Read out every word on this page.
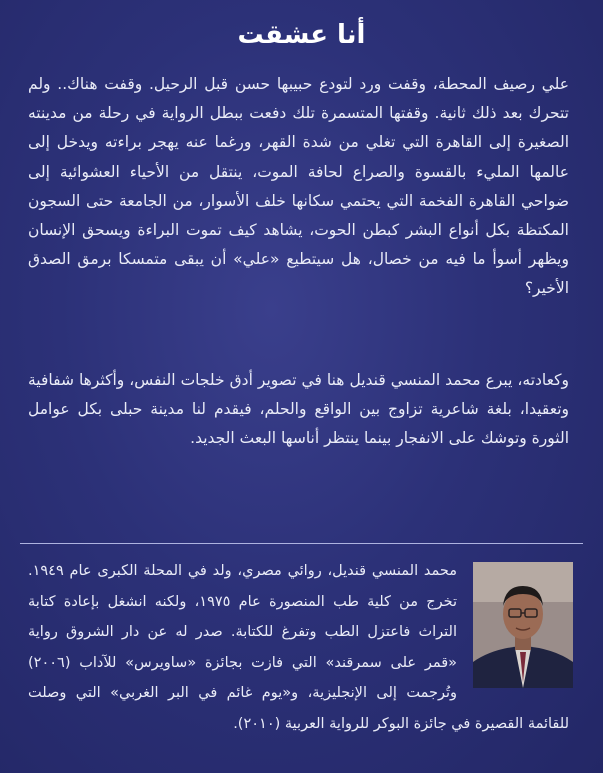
أنا عشقت

علي رصيف المحطة، وقفت ورد لتودع حبيبها حسن قبل الرحيل. وقفت هناك.. ولم تتحرك بعد ذلك ثانية. وقفتها المتسمرة تلك دفعت ببطل الرواية في رحلة من مدينته الصغيرة إلى القاهرة التي تغلي من شدة القهر، ورغما عنه يهجر براءته ويدخل إلى عالمها المليء بالقسوة والصراع لحافة الموت، ينتقل من الأحياء العشوائية إلى ضواحي القاهرة الفخمة التي يحتمي سكانها خلف الأسوار، من الجامعة حتى السجون المكتظة بكل أنواع البشر كبطن الحوت، يشاهد كيف تموت البراءة ويسحق الإنسان ويظهر أسوأ ما فيه من خصال، هل سيتطيع «علي» أن يبقى متمسكا برمق الصدق الأخير؟

وكعادته، يبرع محمد المنسي قنديل هنا في تصوير أدق خلجات النفس، وأكثرها شفافية وتعقيدا، بلغة شاعرية تزاوج بين الواقع والحلم، فيقدم لنا مدينة حبلى بكل عوامل الثورة وتوشك على الانفجار بينما ينتظر أناسها البعث الجديد.

محمد المنسي قنديل، روائي مصري، ولد في المحلة الكبرى عام ١٩٤٩. تخرج من كلية طب المنصورة عام ١٩٧٥، ولكنه انشغل بإعادة كتابة التراث فاعتزل الطب وتفرغ للكتابة. صدر له عن دار الشروق رواية «قمر على سمرقند» التي فازت بجائزة «ساويرس» للآداب (٢٠٠٦) وتُرجمت إلى الإنجليزية، و«يوم غائم في البر الغربي» التي وصلت للقائمة القصيرة في جائزة البوكر للرواية العربية (٢٠١٠).
